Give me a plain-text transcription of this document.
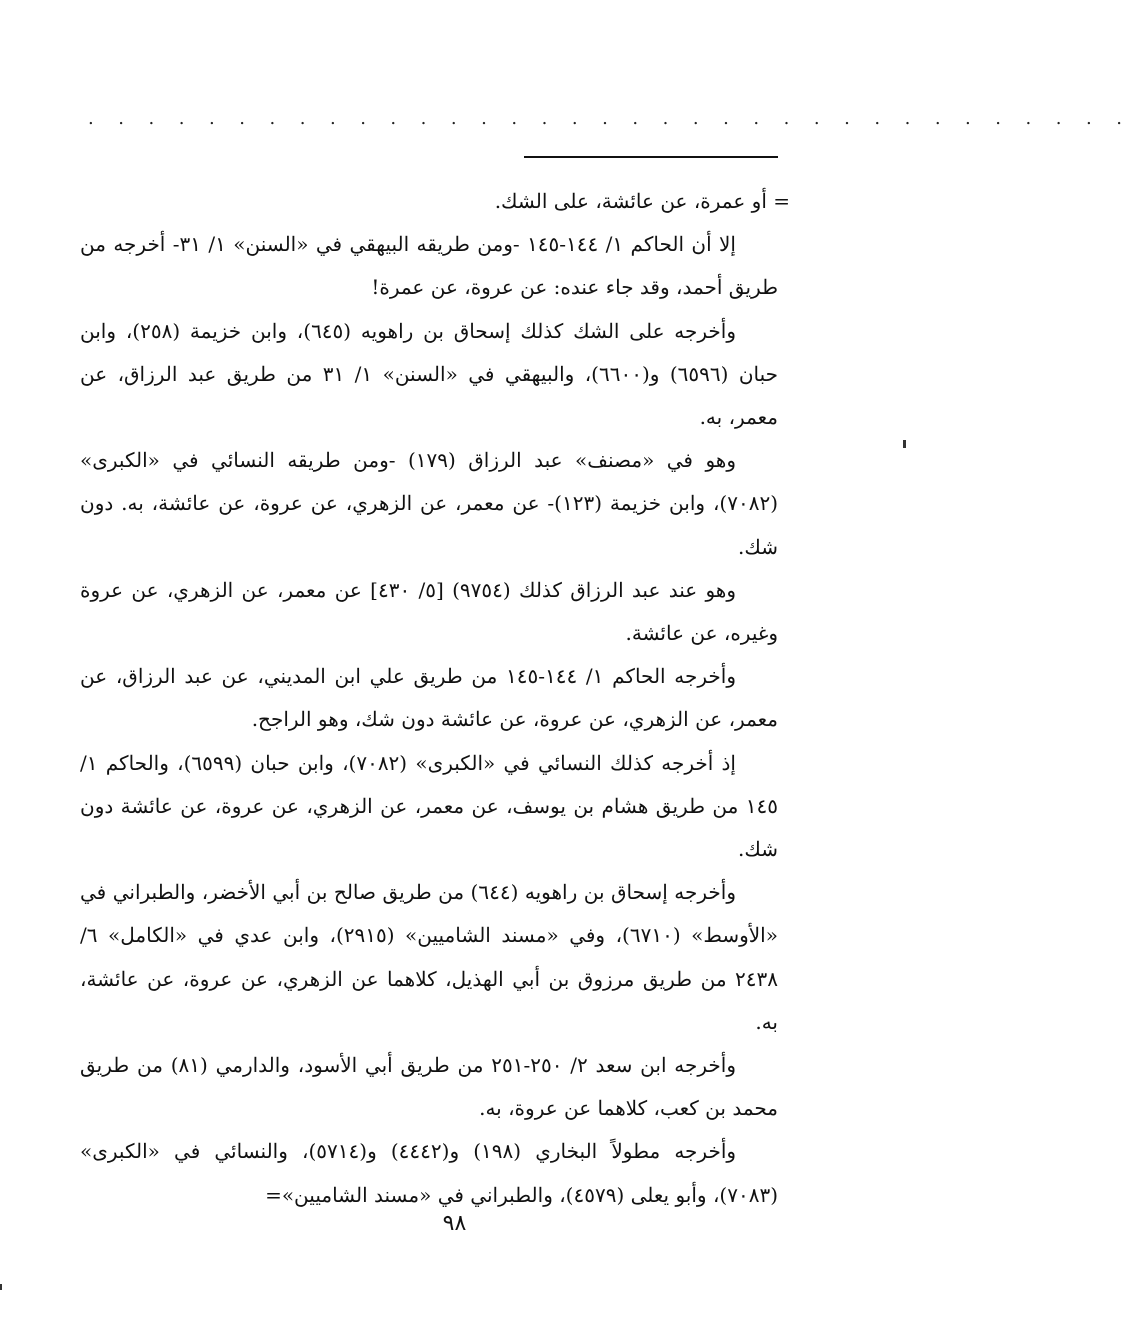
. . . . . . . . . . . . . . . . . . . . . . . . . . . . . . . . . . .

= أو عمرة، عن عائشة، على الشك.

إلا أن الحاكم ١/ ١٤٤-١٤٥ -ومن طريقه البيهقي في «السنن» ١/ ٣١- أخرجه من طريق أحمد، وقد جاء عنده: عن عروة، عن عمرة!

وأخرجه على الشك كذلك إسحاق بن راهويه (٦٤٥)، وابن خزيمة (٢٥٨)، وابن حبان (٦٥٩٦) و(٦٦٠٠)، والبيهقي في «السنن» ١/ ٣١ من طريق عبد الرزاق، عن معمر، به.

وهو في «مصنف» عبد الرزاق (١٧٩) -ومن طريقه النسائي في «الكبرى» (٧٠٨٢)، وابن خزيمة (١٢٣)- عن معمر، عن الزهري، عن عروة، عن عائشة، به. دون شك.

وهو عند عبد الرزاق كذلك (٩٧٥٤) [٥/ ٤٣٠] عن معمر، عن الزهري، عن عروة وغيره، عن عائشة.

وأخرجه الحاكم ١/ ١٤٤-١٤٥ من طريق علي ابن المديني، عن عبد الرزاق، عن معمر، عن الزهري، عن عروة، عن عائشة دون شك، وهو الراجح.

إذ أخرجه كذلك النسائي في «الكبرى» (٧٠٨٢)، وابن حبان (٦٥٩٩)، والحاكم ١/ ١٤٥ من طريق هشام بن يوسف، عن معمر، عن الزهري، عن عروة، عن عائشة دون شك.

وأخرجه إسحاق بن راهويه (٦٤٤) من طريق صالح بن أبي الأخضر، والطبراني في «الأوسط» (٦٧١٠)، وفي «مسند الشاميين» (٢٩١٥)، وابن عدي في «الكامل» ٦/ ٢٤٣٨ من طريق مرزوق بن أبي الهذيل، كلاهما عن الزهري، عن عروة، عن عائشة، به.

وأخرجه ابن سعد ٢/ ٢٥٠-٢٥١ من طريق أبي الأسود، والدارمي (٨١) من طريق محمد بن كعب، كلاهما عن عروة، به.

وأخرجه مطولاً البخاري (١٩٨) و(٤٤٤٢) و(٥٧١٤)، والنسائي في «الكبرى» (٧٠٨٣)، وأبو يعلى (٤٥٧٩)، والطبراني في «مسند الشاميين»=

٩٨
